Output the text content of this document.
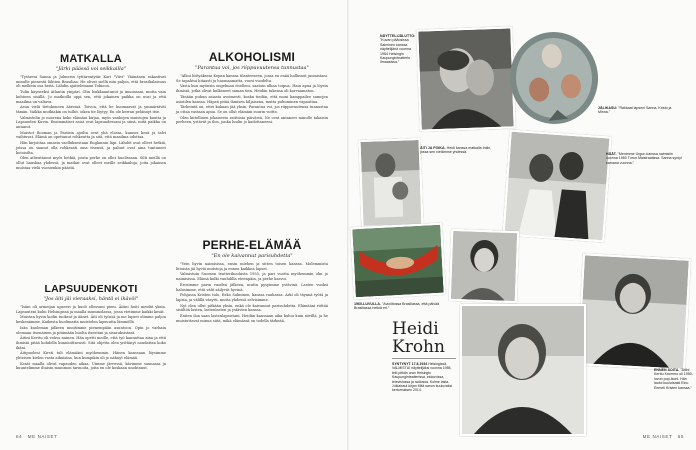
MATKALLA
"Järki päässä voi seikkailla"

"Tytäreni Sanna ja Julmerin tyttärentytär Kari "Viivi" Väänänen rakastivat minulle pienestä lähtien Brasiliaa. He olivat siellä niin paljon, että brasilialaisuus oli melkein osa heitä. Lähdin ajattelemaan Tokioon.

Tulin käyneeksi Atlantin ympäri. Olin loukkaantunut ja innoissani, mutta vain kohteen sisällä. Jo matkoilla oppi sen, että jokainen paikka on uusi ja että maailma on valtava.

Asun vielä tietokoneen ääressä. Toivon, että he huomaavat ja ymmärtävät tämän. Vaikka mutkiakin on tullut, oikea tie löytyy. En ole kerran pelännyt itse.

Valmistelin jo nuorena koko elämäni kirjaa, myös vanhojen muistojen kautta ja Lapsuuden Kuvin. Ensimmäiset asiat ovat lapsuudessani ja siinä, mitä paikka on antanut.

Muistot Rooman ja Pariisin ajoilta ovat yhä elossa, kunnes kesä ja talvi vaihtuvat. Elämä on opettanut rohkeutta ja sitä, että maailma odottaa.

Hän kirjoittaa omasta vaelluksestaan Englannin läpi. Lähdöt ovat olleet hetkiä, joissa on saanut olla rohkeasti oma itsensä, ja paluut ovat aina tuntuneet kotoisilta.

Olen aiheuttanut myös hetkiä, joista perhe on ollut huolissaan. Silti meillä on ollut hauskaa yhdessä, ja matkat ovat olleet meille seikkailuja, joita jokainen muistaa vielä vuosienkin päästä.

LAPSUUDENKOTI
"Jos äiti jäi vieraaksi, häntä ei ikävöi"

"Isäni oli armeijan upseeri ja kuoli ollessani pieni. Äitini hoiti meidät yksin. Lapsuuteni kului Helsingissä ja maalla mummolassa, jossa vietimme kaikki kesät.

Muistan hyvin kodin tuoksut ja äänet. Äiti oli työssä ja me lapset olimme paljon keskenämme. Kaikesta huolimatta muistelen lapsuutta lämmöllä.

Isän kuoleman jälkeen muutimme pienempään asuntoon. Opin jo varhain olemaan itsenäinen ja pitämään huolta itsestäni ja sisaruksistani.

Äitini Kerttu oli vahva nainen. Hän opetti meille, että työ kannattaa aina ja että ihmisiä pitää kohdella kunnioittavasti. Sitä ohjetta olen yrittänyt noudattaa koko ikäni.

Äitipuoleni Kirsti tuli elämääni myöhemmin. Hänen kanssaan löysimme yhteisen kielen vasta aikuisina, kun kumpikin oli jo nähnyt elämää.

Kesät maalla olivat vapauden aikaa. Uimme järvessä, kävimme saunassa ja kuuntelimme iltaisin mummon tarinoita, joita en ole koskaan unohtanut.

ALKOHOLISMI
"Parantua voi, jos riippuvuutensa tunnustaa"

"Alkoi liittyäkseni Kepan kanssa tilanteeseen, jossa en enää hallinnut juomistani. Se tapahtui hitaasti ja huomaamatta, vuosi vuodelta.

Vasta kun myönsin ongelman itselleni, saatoin alkaa toipua. Hain apua ja löysin ihmisiä, jotka olivat kulkeneet saman tien. Heidän tukensa oli korvaamaton.

Tänään puhun asiasta avoimesti, koska tiedän, että moni kamppailee samojen asioiden kanssa. Häpeä pitää ihmisen hiljaisena, mutta puhuminen vapauttaa.

Tärkeintä on, ettei kukaan jää yksin. Parantua voi, jos riippuvuutensa tunnustaa ja ottaa vastaan apua. Se on ollut elämäni suurin voitto.

Olen kiitollinen jokaisesta raittiista päivästä. Ne ovat antaneet minulle takaisin perheen, ystävät ja ilon, jonka luulin jo kadottaneeni.

PERHE-ELÄMÄÄ
"En ole kaivannut parisuhdetta"

"Vein hyvin naimisissa, ensin miehen ja sitten toisen kanssa. Molemmista liitoista jäi hyviä muistoja ja ennen kaikkea lapset.

Valmistuin Suomen teatterikoulusta 1955, ja pari vuotta myöhemmin olin jo naimisissa. Elämä kulki vauhdilla eteenpäin, ja perhe kasvoi.

Erosimme parin vuoden jälkeen, mutta pysyimme ystävinä. Lasten vuoksi halusimme, että välit säilyvät hyvinä.

Pohjassa Kristen tulo, Eeko Salminen, kanssa rauhassa. Arki oli täynnä työtä ja lapsia, ja välillä väsytti, mutta yhdessä selvisimme.

Nyt olen ollut pitkään yksin, enkä ole kaivannut parisuhdetta. Elämääni riittää sisältöä lasten, lastenlasten ja ystävien kanssa.

Eniten iloa saan lastenlapsistani. Heidän kanssaan aika kuluu kuin siivillä, ja he muistuttavat minua siitä, mikä elämässä on todella tärkeää.

NÄYTTELIJÄLUTTO: "Kuvan pääosissa Salminen kanssa näyttelijänä vuonna 1964 Helsingin Kaupunginteatterin Ilmaasissa."

JÄLIKASU: "Rakkaat lapseni Sanna, Kristo ja Minna."

ÄITI JA POIKA. Heidi kanssa matkalla Intiin, jossa sen vietämme yhdessä.	HÄÄT. "Menimme Urgun kanssa naimisiin vuonna 1960 Turun Maistraatissa. Sanna syntyi samana vuonna."

1960-LUVULLA. "Avioliitossa Brasiliassa, että päivää Brasiliassa hetkiä eri."

ENNEN SOITA. "Äitini Kerttu Krummo oli 1950-luvun pop-ikoni. Hän lauloi kuuluisasti Eino Eemeli Kristen kanssa."

Heidi
Krohn

SYNTYNYT 17.8.1934 Helsingissä. VALMISTUI näyttelijäksi vuonna 1955, teki pitkän uran Helsingin Kaupunginteatterissa, elokuvissa, televisiossa ja radiossa. Kolme lasta. Julkaissut kirjan Mitä sanon kuuluvaksi kertomuksen 2014.

64 ME NAISET	ME NAISET 65
